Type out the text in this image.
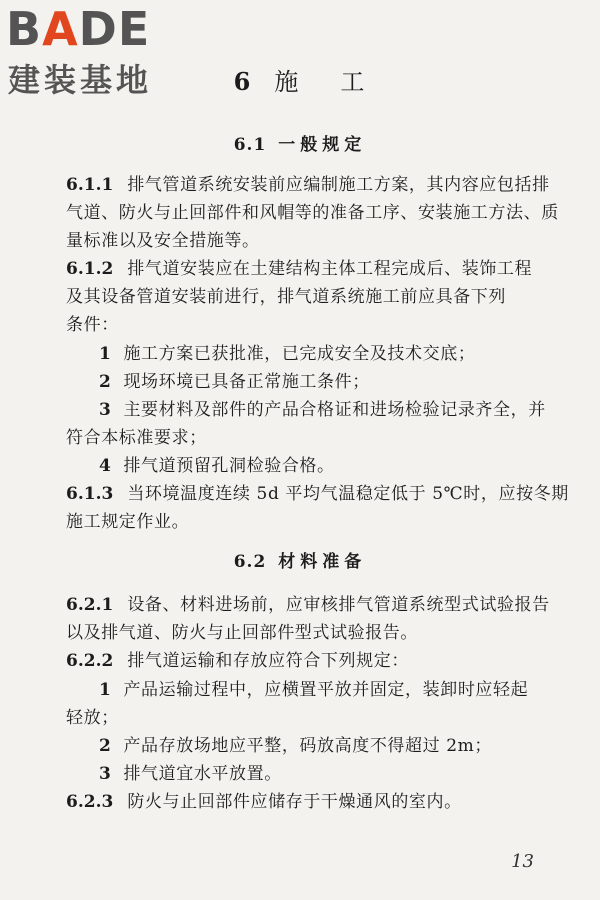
BADE
建装基地	6 施 工
6.1 一般规定
6.1.1 排气管道系统安装前应编制施工方案，其内容应包括排
气道、防火与止回部件和风帽等的准备工序、安装施工方法、质
量标准以及安全措施等。
6.1.2 排气道安装应在土建结构主体工程完成后、装饰工程
及其设备管道安装前进行，排气道系统施工前应具备下列
条件：
1 施工方案已获批准，已完成安全及技术交底；
2 现场环境已具备正常施工条件；
3 主要材料及部件的产品合格证和进场检验记录齐全，并
符合本标准要求；
4 排气道预留孔洞检验合格。
6.1.3 当环境温度连续 5d 平均气温稳定低于 5℃时，应按冬期
施工规定作业。
6.2 材料准备
6.2.1 设备、材料进场前，应审核排气管道系统型式试验报告
以及排气道、防火与止回部件型式试验报告。
6.2.2 排气道运输和存放应符合下列规定：
1 产品运输过程中，应横置平放并固定，装卸时应轻起
轻放；
2 产品存放场地应平整，码放高度不得超过 2m；
3 排气道宜水平放置。
6.2.3 防火与止回部件应储存于干燥通风的室内。
13
